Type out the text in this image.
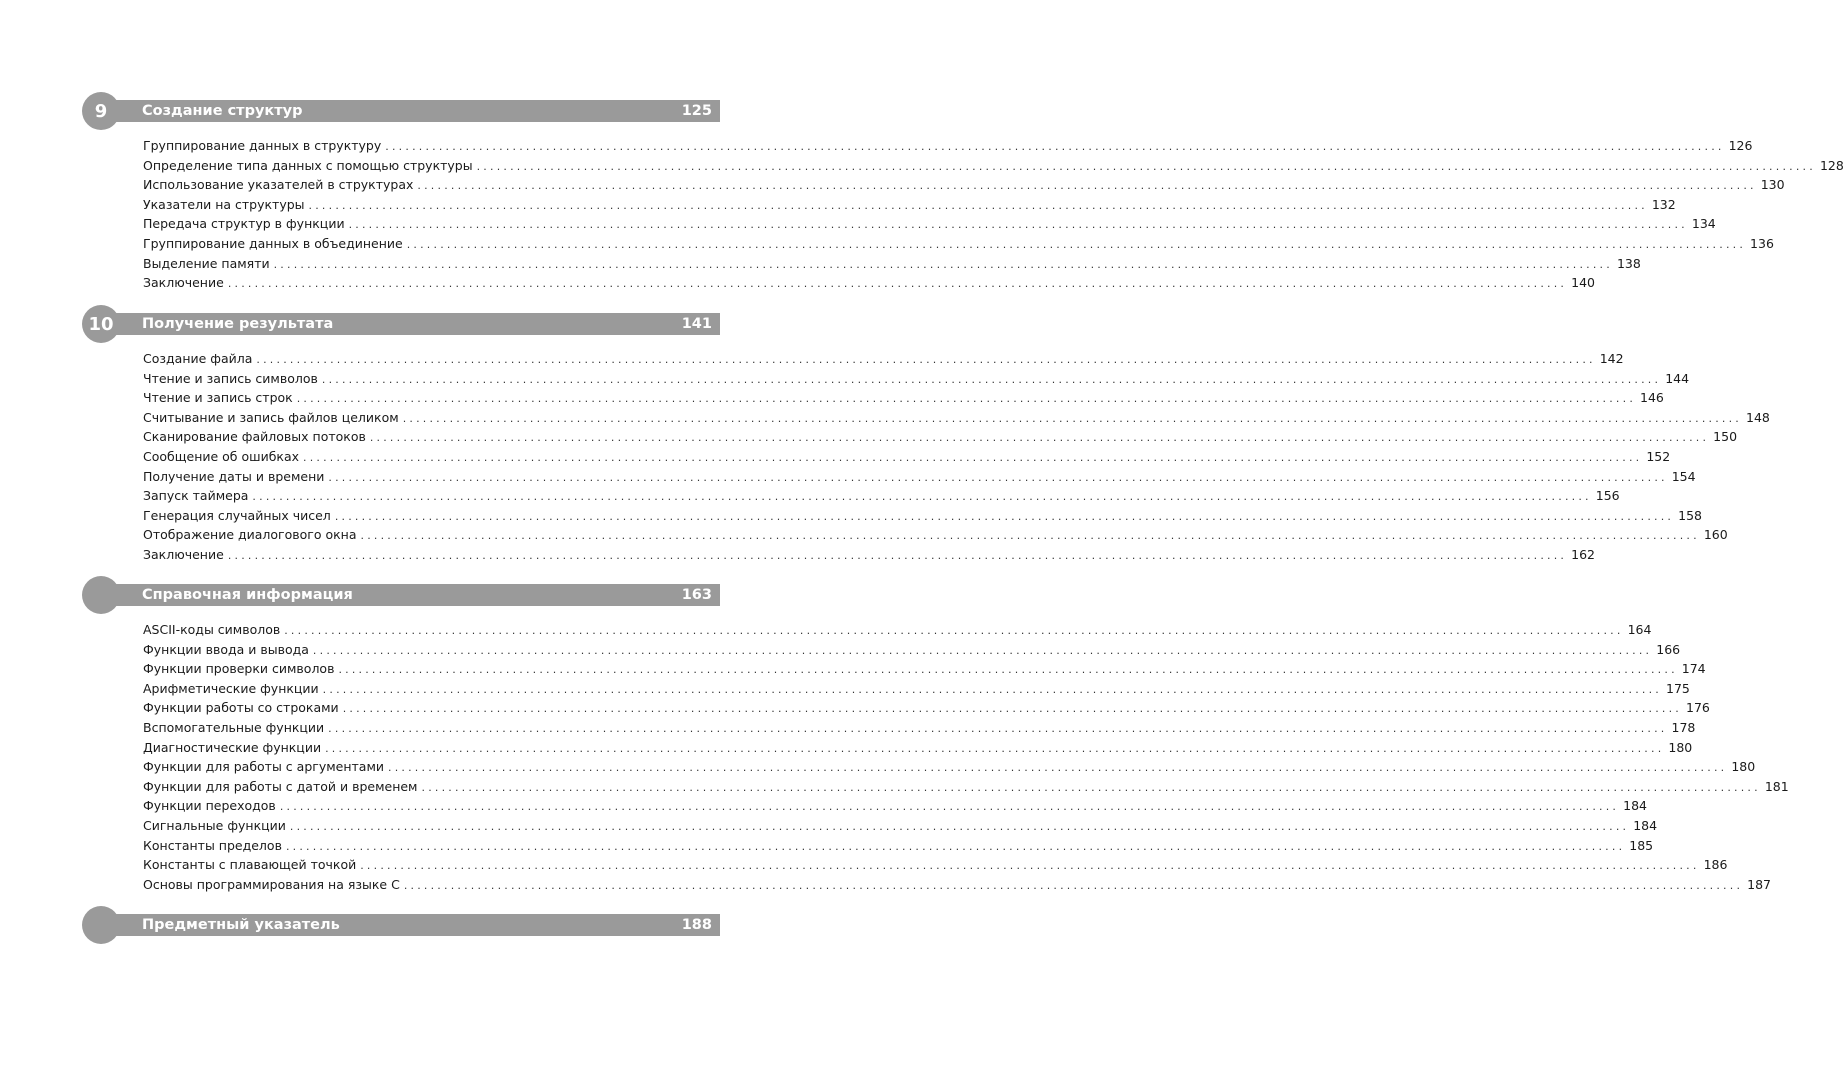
Создание структур	125
9
Группирование данных в структуру ........................................................................................................................................................................................................ 126
Определение типа данных с помощью структуры ........................................................................................................................................................................................................ 128
Использование указателей в структурах ........................................................................................................................................................................................................ 130
Указатели на структуры ........................................................................................................................................................................................................ 132
Передача структур в функции ........................................................................................................................................................................................................ 134
Группирование данных в объединение ........................................................................................................................................................................................................ 136
Выделение памяти ........................................................................................................................................................................................................ 138
Заключение ........................................................................................................................................................................................................ 140
Получение результата	141
10
Создание файла ........................................................................................................................................................................................................ 142
Чтение и запись символов ........................................................................................................................................................................................................ 144
Чтение и запись строк ........................................................................................................................................................................................................ 146
Считывание и запись файлов целиком ........................................................................................................................................................................................................ 148
Сканирование файловых потоков ........................................................................................................................................................................................................ 150
Сообщение об ошибках ........................................................................................................................................................................................................ 152
Получение даты и времени ........................................................................................................................................................................................................ 154
Запуск таймера ........................................................................................................................................................................................................ 156
Генерация случайных чисел ........................................................................................................................................................................................................ 158
Отображение диалогового окна ........................................................................................................................................................................................................ 160
Заключение ........................................................................................................................................................................................................ 162
Справочная информация	163
ASCII-коды символов ........................................................................................................................................................................................................ 164
Функции ввода и вывода ........................................................................................................................................................................................................ 166
Функции проверки символов ........................................................................................................................................................................................................ 174
Арифметические функции ........................................................................................................................................................................................................ 175
Функции работы со строками ........................................................................................................................................................................................................ 176
Вспомогательные функции ........................................................................................................................................................................................................ 178
Диагностические функции ........................................................................................................................................................................................................ 180
Функции для работы с аргументами ........................................................................................................................................................................................................ 180
Функции для работы с датой и временем ........................................................................................................................................................................................................ 181
Функции переходов ........................................................................................................................................................................................................ 184
Сигнальные функции ........................................................................................................................................................................................................ 184
Константы пределов ........................................................................................................................................................................................................ 185
Константы с плавающей точкой ........................................................................................................................................................................................................ 186
Основы программирования на языке С ........................................................................................................................................................................................................ 187
Предметный указатель	188
